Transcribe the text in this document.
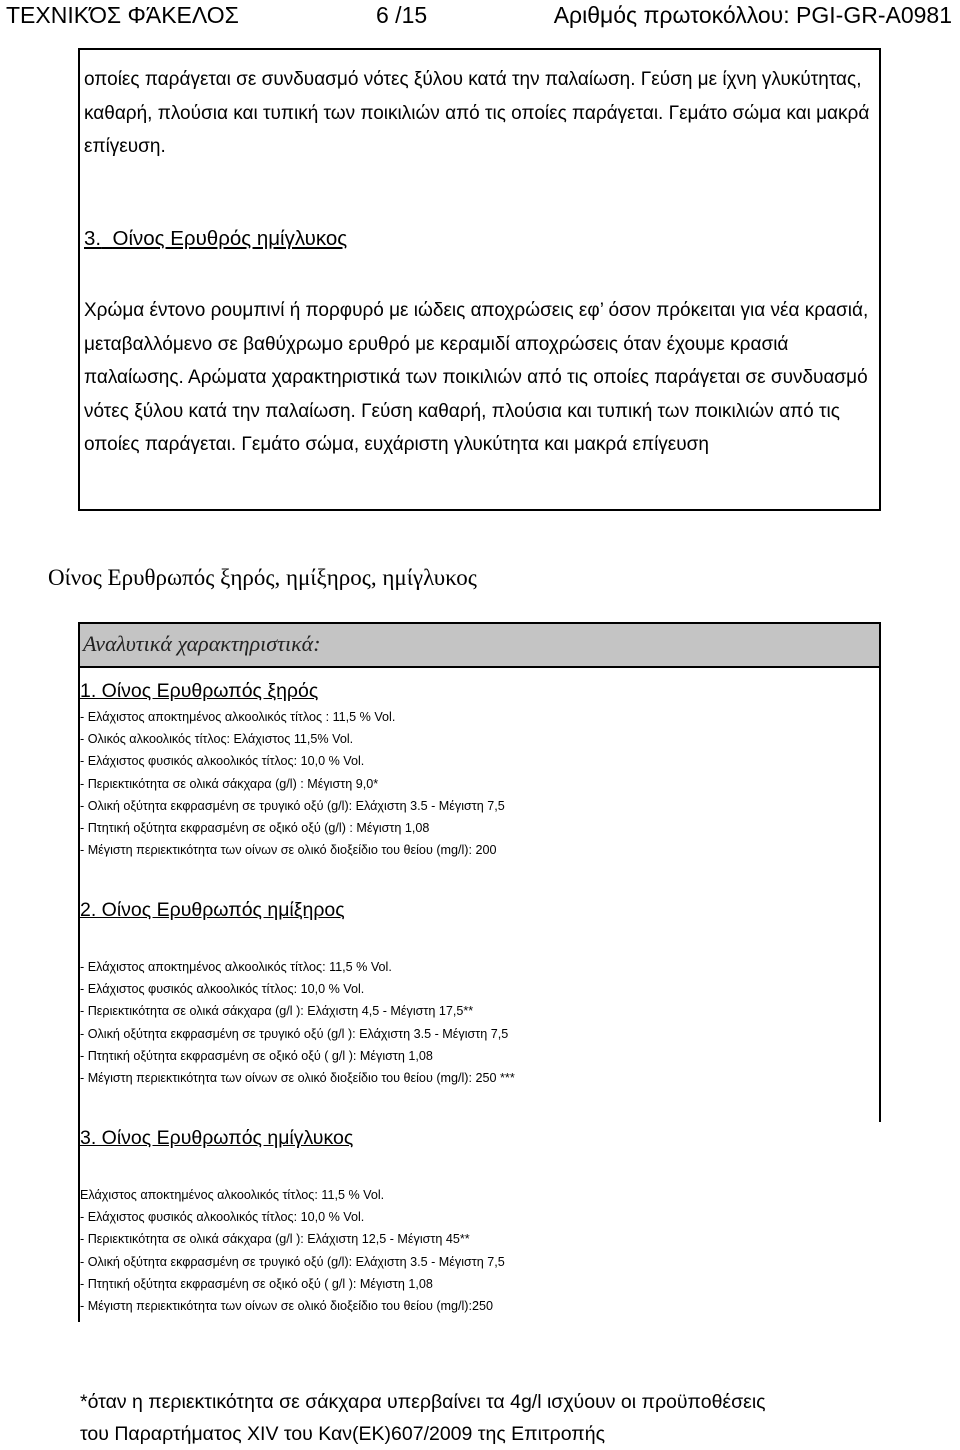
ΤΕΧΝΙΚΌΣ ΦΆΚΕΛΟΣ	6 /15	Αριθμός πρωτοκόλλου: PGI-GR-A0981
οποίες παράγεται σε συνδυασμό νότες ξύλου κατά την παλαίωση. Γεύση με ίχνη γλυκύτητας, καθαρή, πλούσια και τυπική των ποικιλιών από τις οποίες παράγεται. Γεμάτο σώμα και μακρά επίγευση.
3. Οίνος Ερυθρός ημίγλυκος
Χρώμα έντονο ρουμπινί ή πορφυρό με ιώδεις αποχρώσεις εφ’ όσον πρόκειται για νέα κρασιά, μεταβαλλόμενο σε βαθύχρωμο ερυθρό με κεραμιδί αποχρώσεις όταν έχουμε κρασιά παλαίωσης. Αρώματα χαρακτηριστικά των ποικιλιών από τις οποίες παράγεται σε συνδυασμό νότες ξύλου κατά την παλαίωση. Γεύση καθαρή, πλούσια και τυπική των ποικιλιών από τις οποίες παράγεται. Γεμάτο σώμα, ευχάριστη γλυκύτητα και μακρά επίγευση
Οίνος Ερυθρωπός ξηρός, ημίξηρος, ημίγλυκος
Αναλυτικά χαρακτηριστικά:
1. Οίνος Ερυθρωπός ξηρός
- Ελάχιστος αποκτημένος αλκοολικός τίτλος : 11,5 % Vol.
- Ολικός αλκοολικός τίτλος: Ελάχιστος 11,5% Vol.
- Ελάχιστος φυσικός αλκοολικός τίτλος: 10,0 % Vol.
- Περιεκτικότητα σε ολικά σάκχαρα (g/l) : Μέγιστη 9,0*
- Ολική οξύτητα εκφρασμένη σε τρυγικό οξύ (g/l): Ελάχιστη 3.5 - Μέγιστη 7,5
- Πτητική οξύτητα εκφρασμένη σε οξικό οξύ (g/l) : Μέγιστη 1,08
- Μέγιστη περιεκτικότητα των οίνων σε ολικό διοξείδιο του θείου (mg/l): 200
2. Οίνος Ερυθρωπός ημίξηρος
- Ελάχιστος αποκτημένος αλκοολικός τίτλος: 11,5 % Vol.
- Ελάχιστος φυσικός αλκοολικός τίτλος: 10,0 % Vol.
- Περιεκτικότητα σε ολικά σάκχαρα (g/l ): Ελάχιστη 4,5 - Μέγιστη 17,5**
- Ολική οξύτητα εκφρασμένη σε τρυγικό οξύ (g/l ): Ελάχιστη 3.5 - Μέγιστη 7,5
- Πτητική οξύτητα εκφρασμένη σε οξικό οξύ ( g/l ): Μέγιστη 1,08
- Μέγιστη περιεκτικότητα των οίνων σε ολικό διοξείδιο του θείου (mg/l): 250 ***
3. Οίνος Ερυθρωπός ημίγλυκος
Ελάχιστος αποκτημένος αλκοολικός τίτλος: 11,5 % Vol.
- Ελάχιστος φυσικός αλκοολικός τίτλος: 10,0 % Vol.
- Περιεκτικότητα σε ολικά σάκχαρα (g/l ): Ελάχιστη 12,5 - Μέγιστη 45**
- Ολική οξύτητα εκφρασμένη σε τρυγικό οξύ (g/l): Ελάχιστη 3.5 - Μέγιστη 7,5
- Πτητική οξύτητα εκφρασμένη σε οξικό οξύ ( g/l ): Μέγιστη 1,08
- Μέγιστη περιεκτικότητα των οίνων σε ολικό διοξείδιο του θείου (mg/l):250
*όταν η περιεκτικότητα σε σάκχαρα υπερβαίνει τα 4g/l ισχύουν οι προϋποθέσεις
του Παραρτήματος XIV του Καν(ΕΚ)607/2009 της Επιτροπής
